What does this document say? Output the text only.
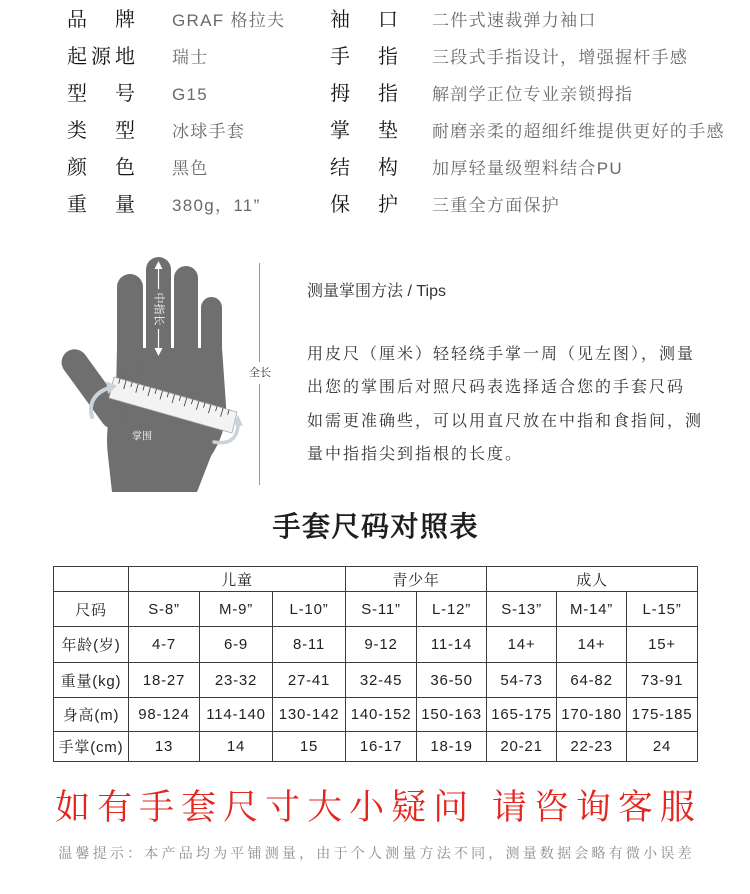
品牌 GRAF 格拉夫 袖口 二件式速裁弹力袖口
起源地 瑞士	手指 三段式手指设计，增强握杆手感
型号 G15	拇指 解剖学正位专业亲锁拇指
类型 冰球手套	掌垫 耐磨亲柔的超细纤维提供更好的手感
颜色 黑色	结构 加厚轻量级塑料结合PU
重量 380g，11”	保护 三重全方面保护
掌围
中指长
全长
测量掌围方法 / Tips
用皮尺（厘米）轻轻绕手掌一周（见左图），测量
出您的掌围后对照尺码表选择适合您的手套尺码
如需更准确些，可以用直尺放在中指和食指间，测
量中指指尖到指根的长度。
手套尺码对照表
	儿童			青少年		成人		
尺码	S-8”	M-9”	L-10”	S-11”	L-12”	S-13”	M-14”	L-15”
年龄(岁)	4-7	6-9	8-11	9-12	11-14	14+	14+	15+
重量(kg)	18-27	23-32	27-41	32-45	36-50	54-73	64-82	73-91
身高(m)	98-124	114-140	130-142	140-152	150-163	165-175	170-180	175-185
手掌(cm)	13	14	15	16-17	18-19	20-21	22-23	24
如有手套尺寸大小疑问 请咨询客服
温馨提示：本产品均为平铺测量，由于个人测量方法不同，测量数据会略有微小误差
